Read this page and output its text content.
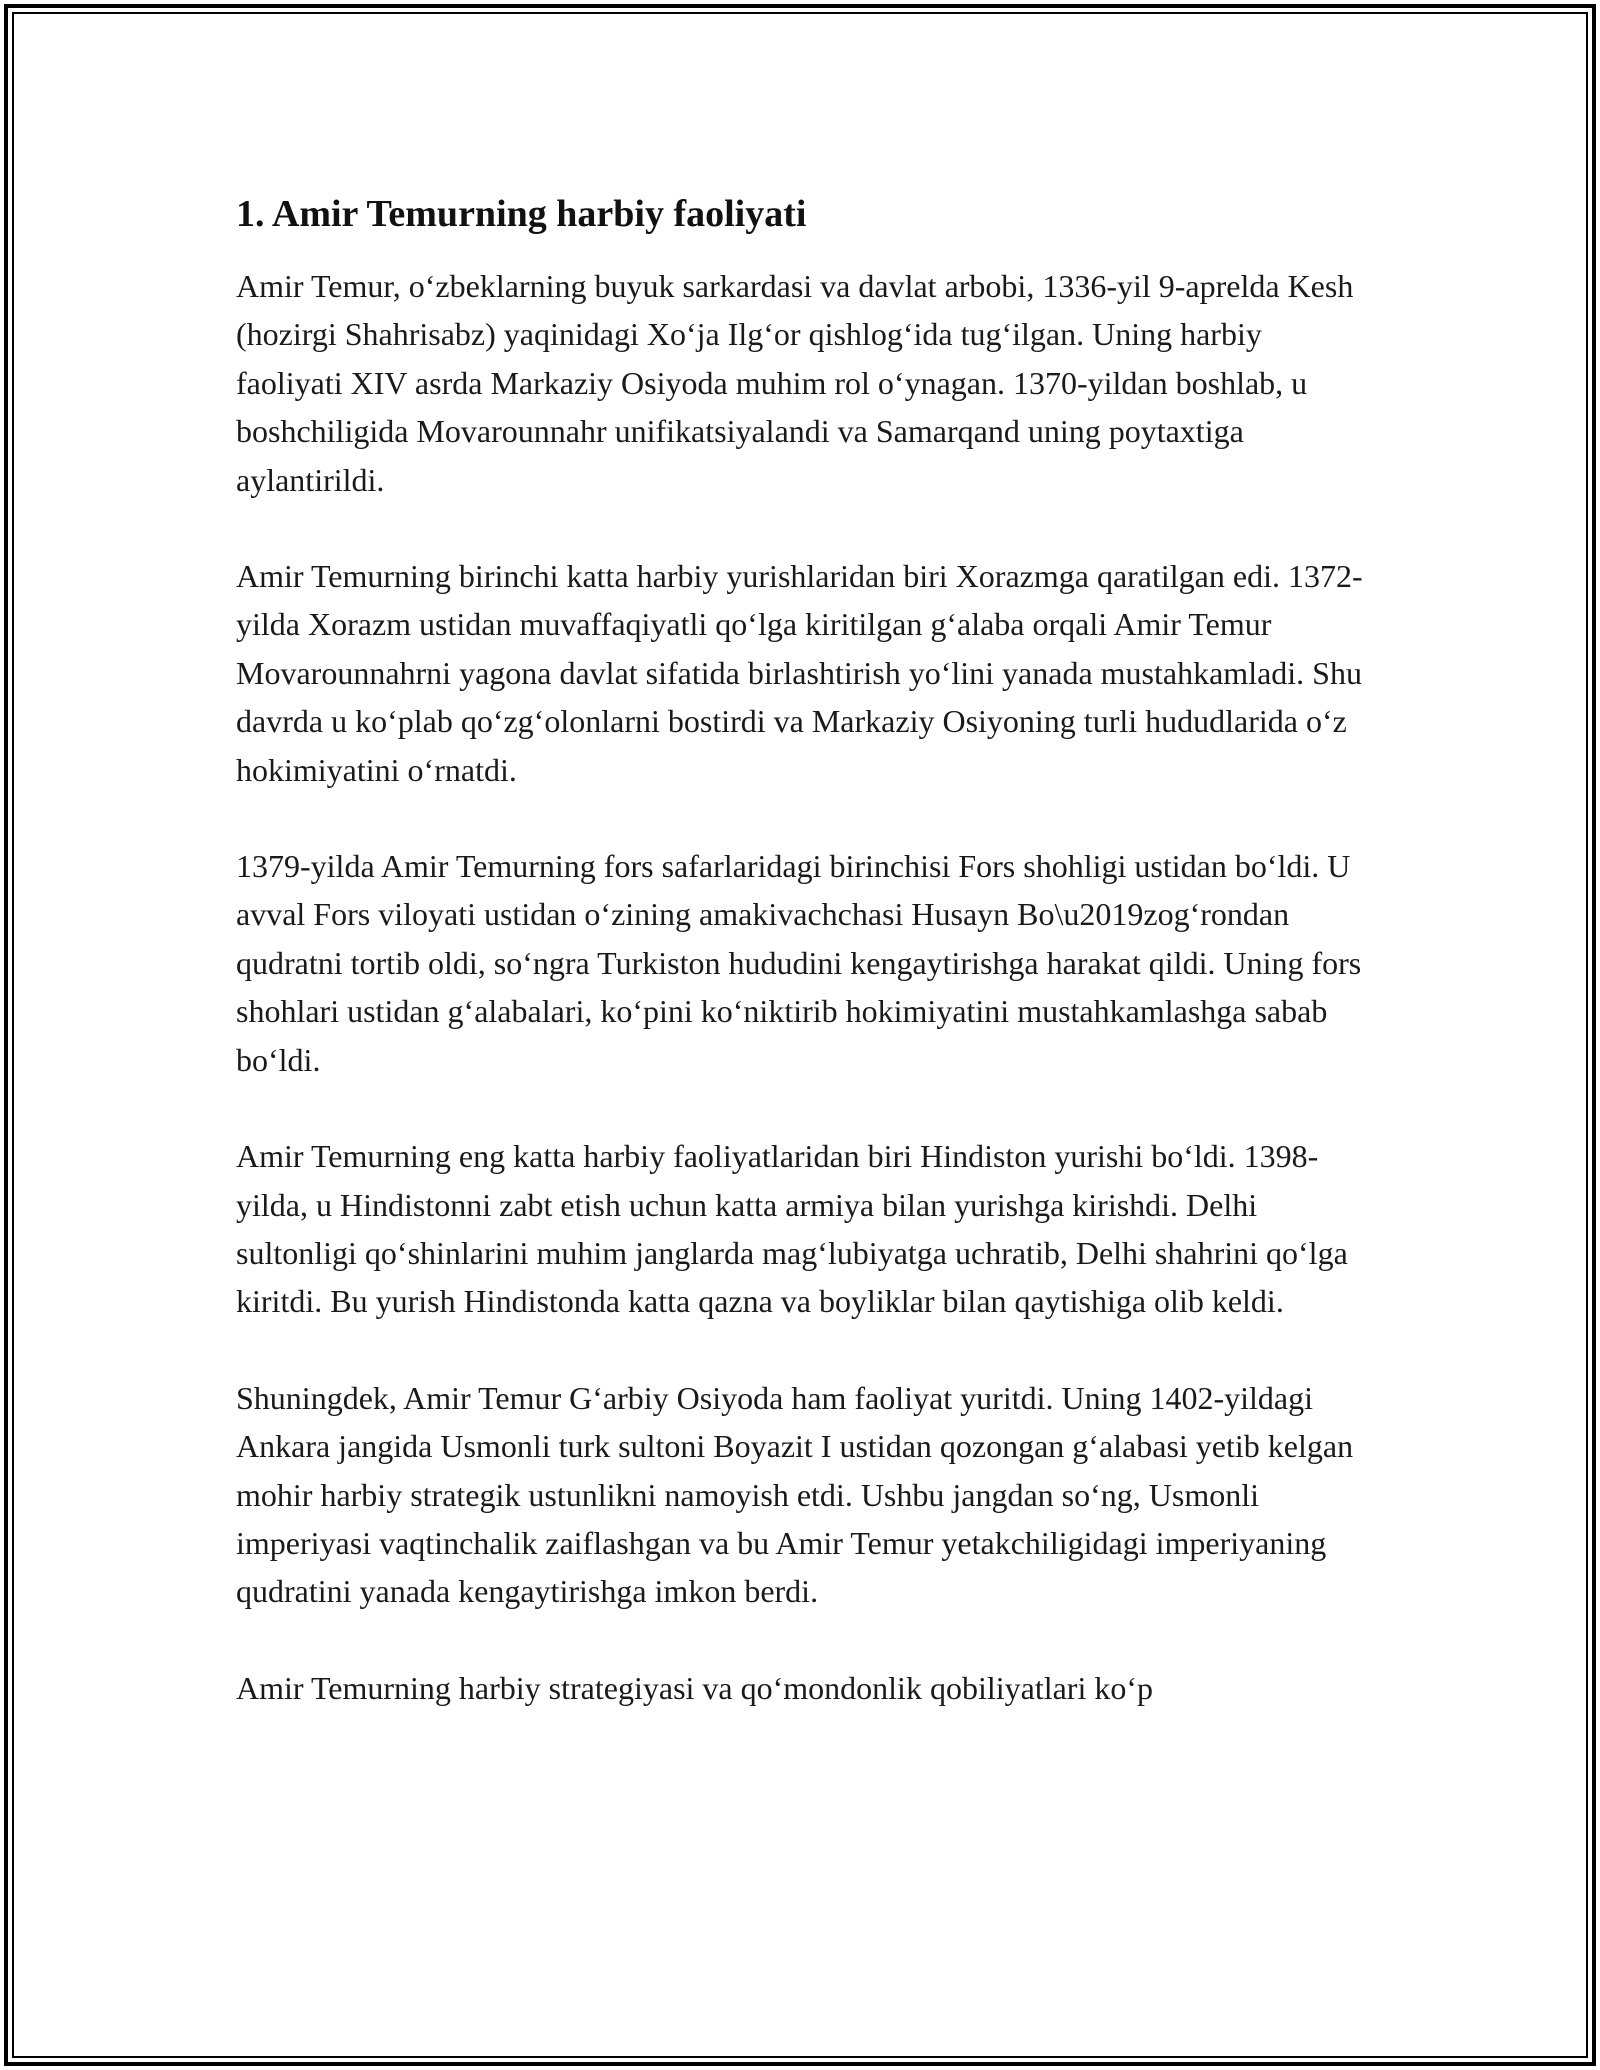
1. Amir Temurning harbiy faoliyati

Amir Temur, o‘zbeklarning buyuk sarkardasi va davlat arbobi, 1336-yil 9-aprelda Kesh (hozirgi Shahrisabz) yaqinidagi Xo‘ja Ilg‘or qishlog‘ida tug‘ilgan. Uning harbiy faoliyati XIV asrda Markaziy Osiyoda muhim rol o‘ynagan. 1370-yildan boshlab, u boshchiligida Movarounnahr unifikatsiyalandi va Samarqand uning poytaxtiga aylantirildi.

Amir Temurning birinchi katta harbiy yurishlaridan biri Xorazmga qaratilgan edi. 1372-yilda Xorazm ustidan muvaffaqiyatli qo‘lga kiritilgan g‘alaba orqali Amir Temur Movarounnahrni yagona davlat sifatida birlashtirish yo‘lini yanada mustahkamladi. Shu davrda u ko‘plab qo‘zg‘olonlarni bostirdi va Markaziy Osiyoning turli hududlarida o‘z hokimiyatini o‘rnatdi.

1379-yilda Amir Temurning fors safarlaridagi birinchisi Fors shohligi ustidan bo‘ldi. U avval Fors viloyati ustidan o‘zining amakivachchasi Husayn Bo\u2019zog‘rondan qudratni tortib oldi, so‘ngra Turkiston hududini kengaytirishga harakat qildi. Uning fors shohlari ustidan g‘alabalari, ko‘pini ko‘niktirib hokimiyatini mustahkamlashga sabab bo‘ldi.

Amir Temurning eng katta harbiy faoliyatlaridan biri Hindiston yurishi bo‘ldi. 1398-yilda, u Hindistonni zabt etish uchun katta armiya bilan yurishga kirishdi. Delhi sultonligi qo‘shinlarini muhim janglarda mag‘lubiyatga uchratib, Delhi shahrini qo‘lga kiritdi. Bu yurish Hindistonda katta qazna va boyliklar bilan qaytishiga olib keldi.

Shuningdek, Amir Temur G‘arbiy Osiyoda ham faoliyat yuritdi. Uning 1402-yildagi Ankara jangida Usmonli turk sultoni Boyazit I ustidan qozongan g‘alabasi yetib kelgan mohir harbiy strategik ustunlikni namoyish etdi. Ushbu jangdan so‘ng, Usmonli imperiyasi vaqtinchalik zaiflashgan va bu Amir Temur yetakchiligidagi imperiyaning qudratini yanada kengaytirishga imkon berdi.

Amir Temurning harbiy strategiyasi va qo‘mondonlik qobiliyatlari ko‘p
